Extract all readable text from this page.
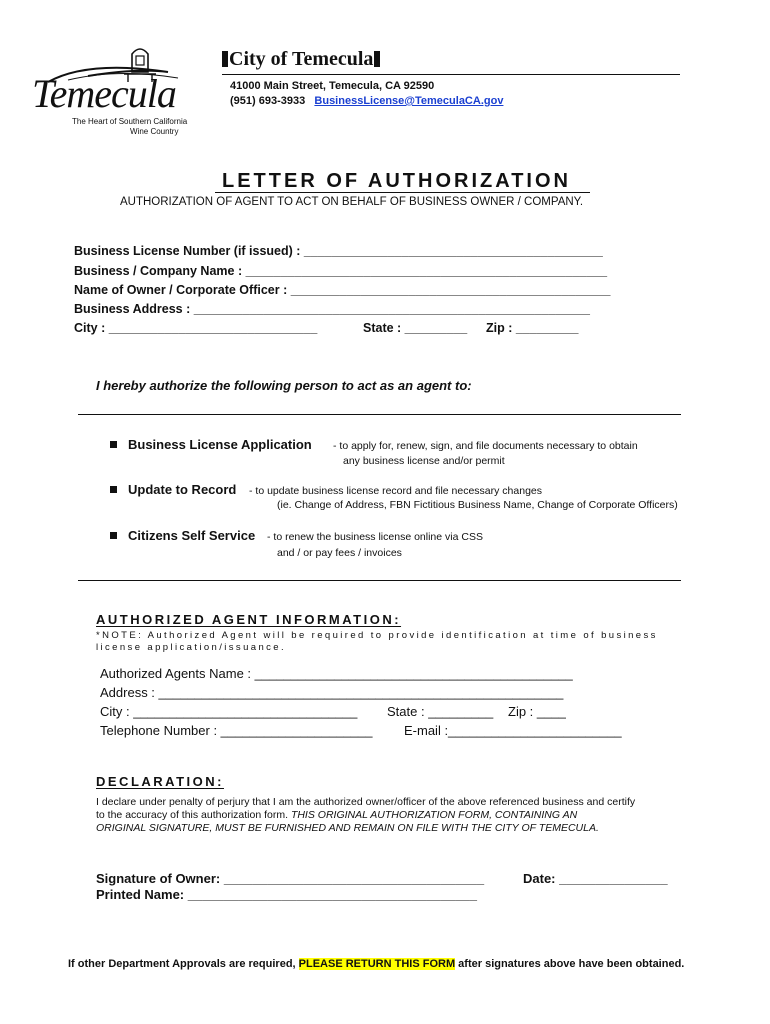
Temecula
The Heart of Southern California
Wine Country
City of Temecula
41000 Main Street, Temecula, CA 92590
(951) 693-3933 BusinessLicense@TemeculaCA.gov
LETTER OF AUTHORIZATION
AUTHORIZATION OF AGENT TO ACT ON BEHALF OF BUSINESS OWNER / COMPANY.
Business License Number (if issued) : ___________________________________________
Business / Company Name : ____________________________________________________
Name of Owner / Corporate Officer : ______________________________________________
Business Address : _________________________________________________________
City : ______________________________	State : _________ Zip : _________
I hereby authorize the following person to act as an agent to:
Business License Application - to apply for, renew, sign, and file documents necessary to obtain
any business license and/or permit
Update to Record - to update business license record and file necessary changes
(ie. Change of Address, FBN Fictitious Business Name, Change of Corporate Officers)
Citizens Self Service - to renew the business license online via CSS
and / or pay fees / invoices
AUTHORIZED AGENT INFORMATION:
*NOTE: Authorized Agent will be required to provide identification at time of business
license application/issuance.
Authorized Agents Name : ____________________________________________
Address : ________________________________________________________
City : _______________________________ State : _________ Zip : ____
Telephone Number : _____________________ E-mail :________________________
DECLARATION:
I declare under penalty of perjury that I am the authorized owner/officer of the above referenced business and certify
to the accuracy of this authorization form. THIS ORIGINAL AUTHORIZATION FORM, CONTAINING AN
ORIGINAL SIGNATURE, MUST BE FURNISHED AND REMAIN ON FILE WITH THE CITY OF TEMECULA.
Signature of Owner: ____________________________________	Date: _______________
Printed Name: ________________________________________
If other Department Approvals are required, PLEASE RETURN THIS FORM after signatures above have been obtained.
